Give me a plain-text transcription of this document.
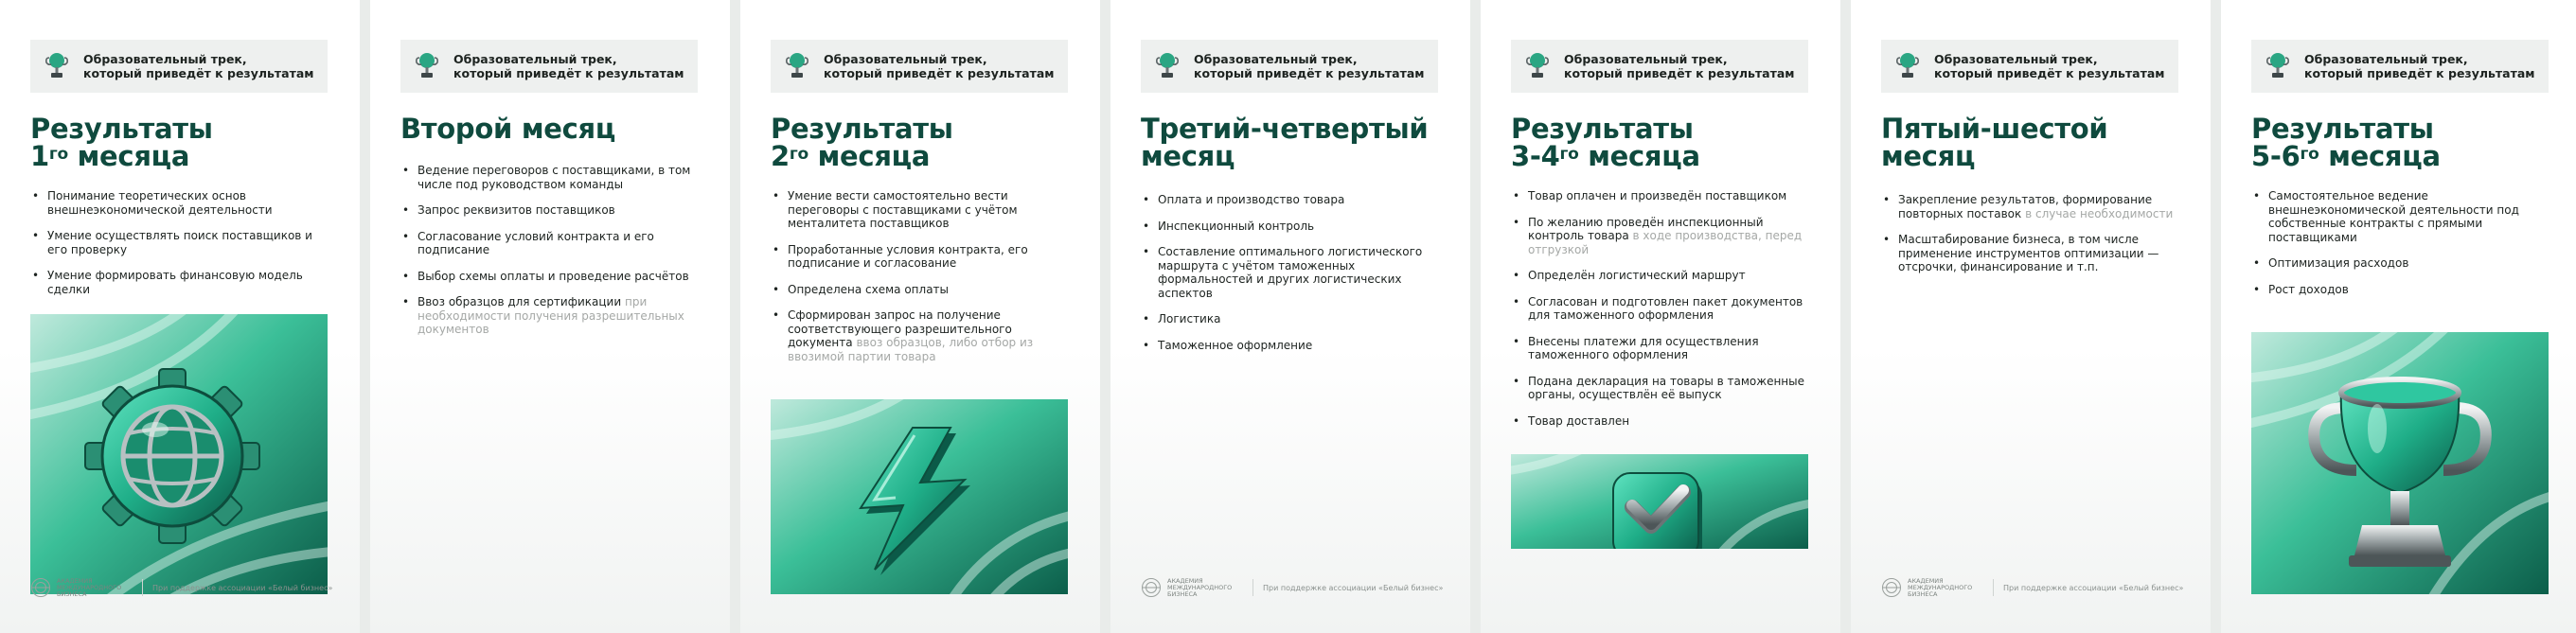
Образовательный трек,
который приведёт к результатам
Результаты
$1^{го}$ месяца
• Понимание теоретических основ внешнеэкономической деятельности
• Умение осуществлять поиск поставщиков и его проверку
• Умение формировать финансовую модель сделки
АКАДЕМИЯ
МЕЖДУНАРОДНОГО
БИЗНЕСА
При поддержке ассоциации «Белый бизнес»
Образовательный трек,
который приведёт к результатам
Второй месяц
• Ведение переговоров с поставщиками, в том числе под руководством команды
• Запрос реквизитов поставщиков
• Согласование условий контракта и его подписание
• Выбор схемы оплаты и проведение расчётов
• Ввоз образцов для сертификации при необходимости получения разрешительных документов
Образовательный трек,
который приведёт к результатам
Результаты
$2^{го}$ месяца
• Умение вести самостоятельно вести переговоры с поставщиками с учётом менталитета поставщиков
• Проработанные условия контракта, его подписание и согласование
• Определена схема оплаты
• Сформирован запрос на получение соответствующего разрешительного документа ввоз образцов, либо отбор из ввозимой партии товара
Образовательный трек,
который приведёт к результатам
Третий-четвертый
месяц
• Оплата и производство товара
• Инспекционный контроль
• Составление оптимального логистического маршрута с учётом таможенных формальностей и других логистических аспектов
• Логистика
• Таможенное оформление
АКАДЕМИЯ
МЕЖДУНАРОДНОГО
БИЗНЕСА
При поддержке ассоциации «Белый бизнес»
Образовательный трек,
который приведёт к результатам
Результаты
$3-4^{го}$ месяца
• Товар оплачен и произведён поставщиком
• По желанию проведён инспекционный контроль товара в ходе производства, перед отгрузкой
• Определён логистический маршрут
• Согласован и подготовлен пакет документов для таможенного оформления
• Внесены платежи для осуществления таможенного оформления
• Подана декларация на товары в таможенные органы, осуществлён её выпуск
• Товар доставлен
Образовательный трек,
который приведёт к результатам
Пятый-шестой
месяц
• Закрепление результатов, формирование повторных поставок в случае необходимости
• Масштабирование бизнеса, в том числе применение инструментов оптимизации — отсрочки, финансирование и т.п.
АКАДЕМИЯ
МЕЖДУНАРОДНОГО
БИЗНЕСА
При поддержке ассоциации «Белый бизнес»
Образовательный трек,
который приведёт к результатам
Результаты
$5-6^{го}$ месяца
• Самостоятельное ведение внешнеэкономической деятельности под собственные контракты с прямыми поставщиками
• Оптимизация расходов
• Рост доходов
